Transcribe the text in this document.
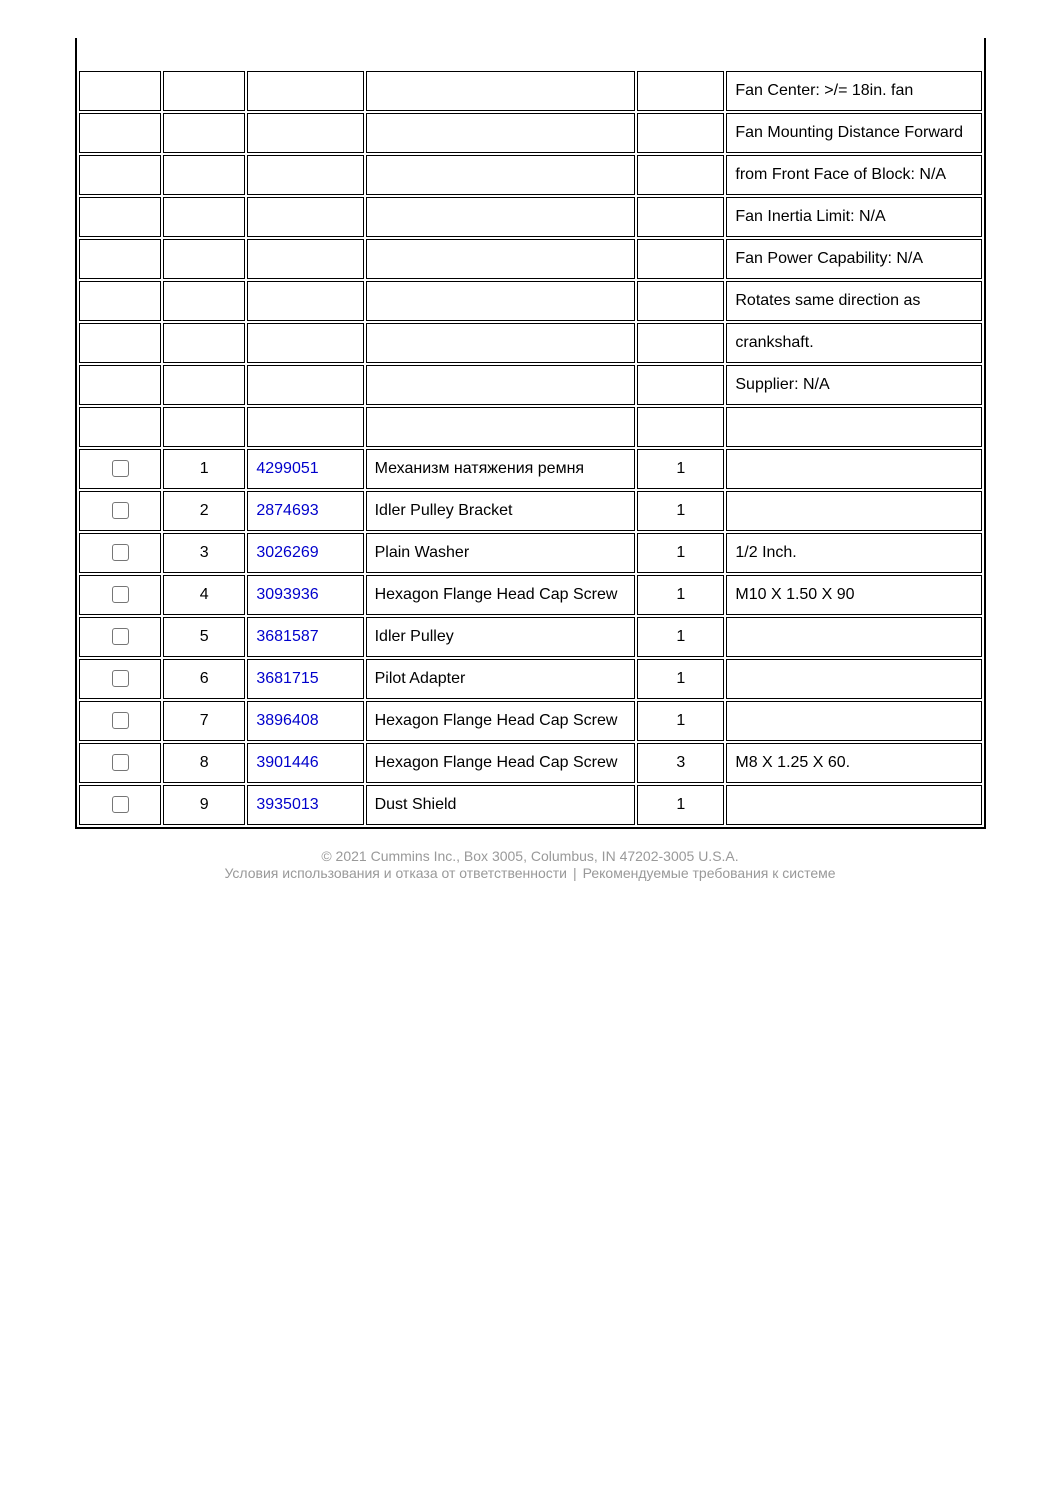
					Fan Center: >/= 18in. fan
					Fan Mounting Distance Forward
					from Front Face of Block: N/A
					Fan Inertia Limit: N/A
					Fan Power Capability: N/A
					Rotates same direction as
					crankshaft.
					Supplier: N/A

	1	4299051	Механизм натяжения ремня	1	
	2	2874693	Idler Pulley Bracket	1	
	3	3026269	Plain Washer	1	1/2 Inch.
	4	3093936	Hexagon Flange Head Cap Screw	1	M10 X 1.50 X 90
	5	3681587	Idler Pulley	1	
	6	3681715	Pilot Adapter	1	
	7	3896408	Hexagon Flange Head Cap Screw	1	
	8	3901446	Hexagon Flange Head Cap Screw	3	M8 X 1.25 X 60.
	9	3935013	Dust Shield	1	
© 2021 Cummins Inc., Box 3005, Columbus, IN 47202-3005 U.S.A.
Условия использования и отказа от ответственности | Рекомендуемые требования к системе
